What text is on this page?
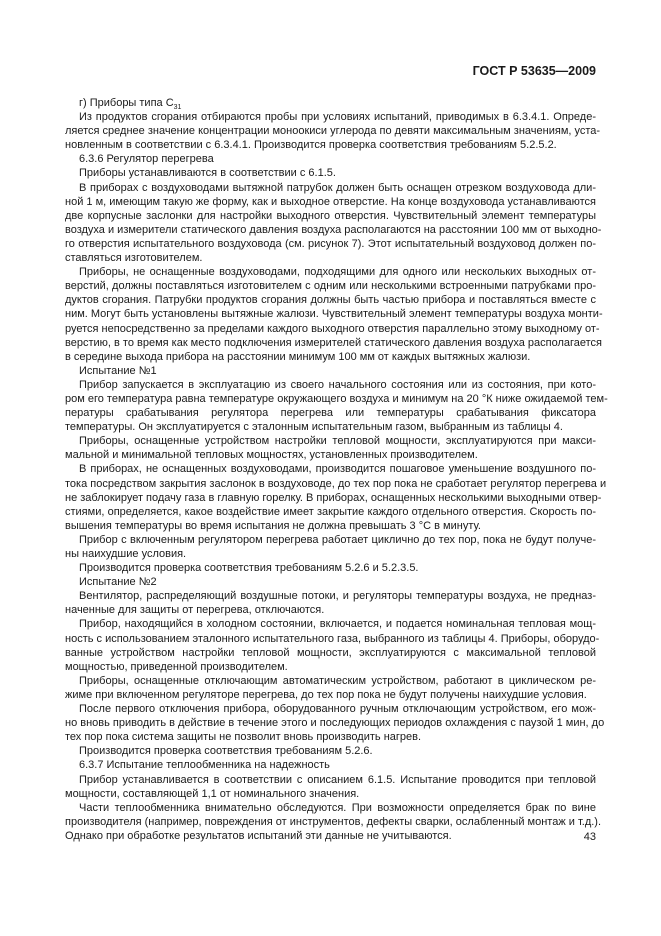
ГОСТ Р 53635—2009
г) Приборы типа $С_{31}$
Из продуктов сгорания отбираются пробы при условиях испытаний, приводимых в 6.3.4.1. Опреде-
ляется среднее значение концентрации моноокиси углерода по девяти максимальным значениям, уста-
новленным в соответствии с 6.3.4.1. Производится проверка соответствия требованиям 5.2.5.2.
6.3.6 Регулятор перегрева
Приборы устанавливаются в соответствии с 6.1.5.
В приборах с воздуховодами вытяжной патрубок должен быть оснащен отрезком воздуховода дли-
ной 1 м, имеющим такую же форму, как и выходное отверстие. На конце воздуховода устанавливаются
две корпусные заслонки для настройки выходного отверстия. Чувствительный элемент температуры
воздуха и измерители статического давления воздуха располагаются на расстоянии 100 мм от выходно-
го отверстия испытательного воздуховода (см. рисунок 7). Этот испытательный воздуховод должен по-
ставляться изготовителем.
Приборы, не оснащенные воздуховодами, подходящими для одного или нескольких выходных от-
верстий, должны поставляться изготовителем с одним или несколькими встроенными патрубками про-
дуктов сгорания. Патрубки продуктов сгорания должны быть частью прибора и поставляться вместе с
ним. Могут быть установлены вытяжные жалюзи. Чувствительный элемент температуры воздуха монти-
руется непосредственно за пределами каждого выходного отверстия параллельно этому выходному от-
верстию, в то время как место подключения измерителей статического давления воздуха располагается
в середине выхода прибора на расстоянии минимум 100 мм от каждых вытяжных жалюзи.
Испытание №1
Прибор запускается в эксплуатацию из своего начального состояния или из состояния, при кото-
ром его температура равна температуре окружающего воздуха и минимум на 20 °К ниже ожидаемой тем-
пературы срабатывания регулятора перегрева или температуры срабатывания фиксатора
температуры. Он эксплуатируется с эталонным испытательным газом, выбранным из таблицы 4.
Приборы, оснащенные устройством настройки тепловой мощности, эксплуатируются при макси-
мальной и минимальной тепловых мощностях, установленных производителем.
В приборах, не оснащенных воздуховодами, производится пошаговое уменьшение воздушного по-
тока посредством закрытия заслонок в воздуховоде, до тех пор пока не сработает регулятор перегрева и
не заблокирует подачу газа в главную горелку. В приборах, оснащенных несколькими выходными отвер-
стиями, определяется, какое воздействие имеет закрытие каждого отдельного отверстия. Скорость по-
вышения температуры во время испытания не должна превышать 3 °С в минуту.
Прибор с включенным регулятором перегрева работает циклично до тех пор, пока не будут получе-
ны наихудшие условия.
Производится проверка соответствия требованиям 5.2.6 и 5.2.3.5.
Испытание №2
Вентилятор, распределяющий воздушные потоки, и регуляторы температуры воздуха, не предназ-
наченные для защиты от перегрева, отключаются.
Прибор, находящийся в холодном состоянии, включается, и подается номинальная тепловая мощ-
ность с использованием эталонного испытательного газа, выбранного из таблицы 4. Приборы, оборудо-
ванные устройством настройки тепловой мощности, эксплуатируются с максимальной тепловой
мощностью, приведенной производителем.
Приборы, оснащенные отключающим автоматическим устройством, работают в циклическом ре-
жиме при включенном регуляторе перегрева, до тех пор пока не будут получены наихудшие условия.
После первого отключения прибора, оборудованного ручным отключающим устройством, его мож-
но вновь приводить в действие в течение этого и последующих периодов охлаждения с паузой 1 мин, до
тех пор пока система защиты не позволит вновь производить нагрев.
Производится проверка соответствия требованиям 5.2.6.
6.3.7 Испытание теплообменника на надежность
Прибор устанавливается в соответствии с описанием 6.1.5. Испытание проводится при тепловой
мощности, составляющей 1,1 от номинального значения.
Части теплообменника внимательно обследуются. При возможности определяется брак по вине
производителя (например, повреждения от инструментов, дефекты сварки, ослабленный монтаж и т.д.).
Однако при обработке результатов испытаний эти данные не учитываются.	43
